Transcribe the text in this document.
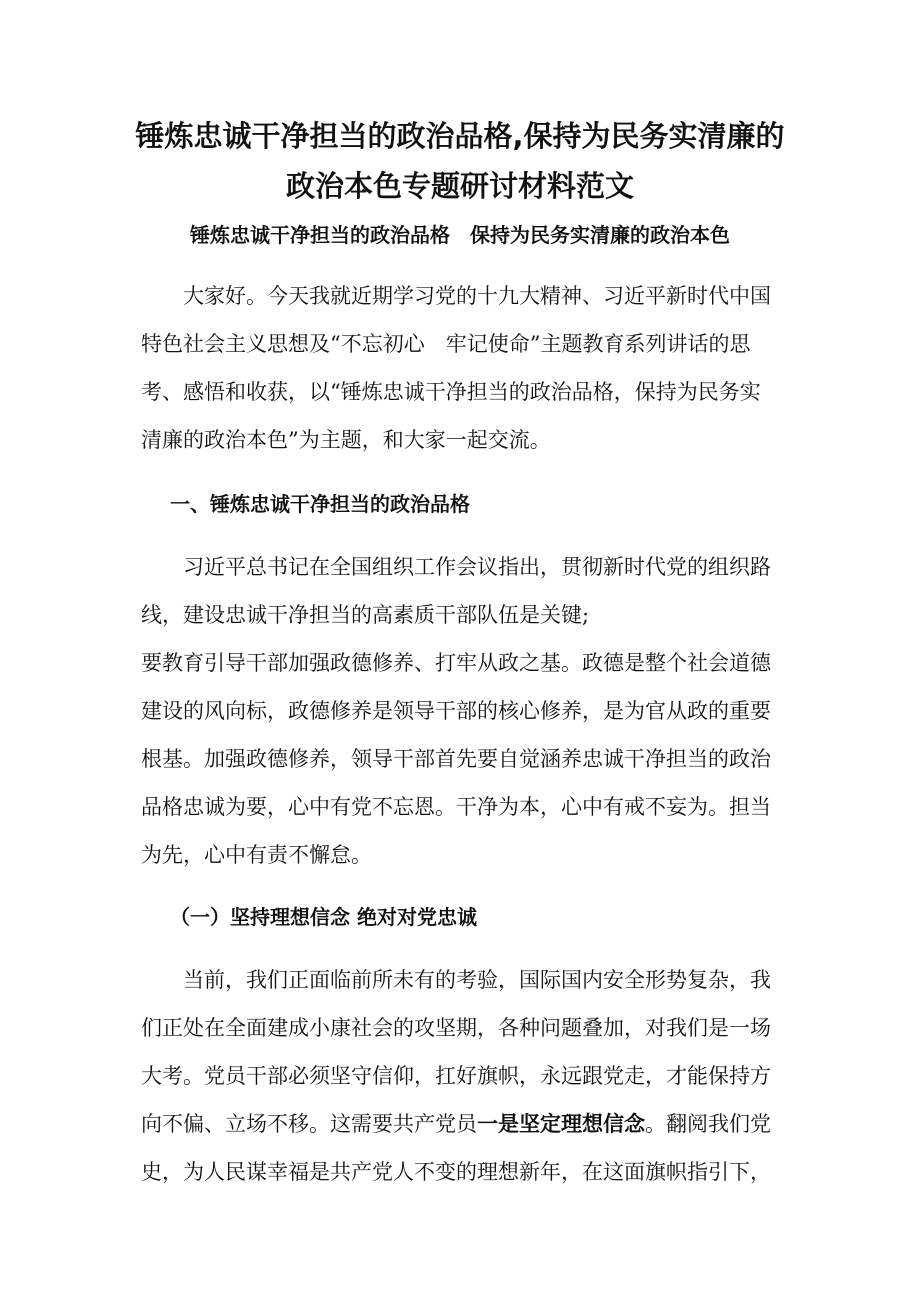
锤炼忠诚干净担当的政治品格,保持为民务实清廉的
政治本色专题研讨材料范文
锤炼忠诚干净担当的政治品格　保持为民务实清廉的政治本色
大家好。今天我就近期学习党的十九大精神、习近平新时代中国
特色社会主义思想及“不忘初心　牢记使命”主题教育系列讲话的思
考、感悟和收获，以“锤炼忠诚干净担当的政治品格，保持为民务实
清廉的政治本色”为主题，和大家一起交流。
一、锤炼忠诚干净担当的政治品格
习近平总书记在全国组织工作会议指出，贯彻新时代党的组织路
线，建设忠诚干净担当的高素质干部队伍是关键;
要教育引导干部加强政德修养、打牢从政之基。政德是整个社会道德
建设的风向标，政德修养是领导干部的核心修养，是为官从政的重要
根基。加强政德修养，领导干部首先要自觉涵养忠诚干净担当的政治
品格忠诚为要，心中有党不忘恩。干净为本，心中有戒不妄为。担当
为先，心中有责不懈怠。
（一）坚持理想信念 绝对对党忠诚
当前，我们正面临前所未有的考验，国际国内安全形势复杂，我
们正处在全面建成小康社会的攻坚期，各种问题叠加，对我们是一场
大考。党员干部必须坚守信仰，扛好旗帜，永远跟党走，才能保持方
向不偏、立场不移。这需要共产党员一是坚定理想信念。翻阅我们党
史，为人民谋幸福是共产党人不变的理想新年，在这面旗帜指引下，
